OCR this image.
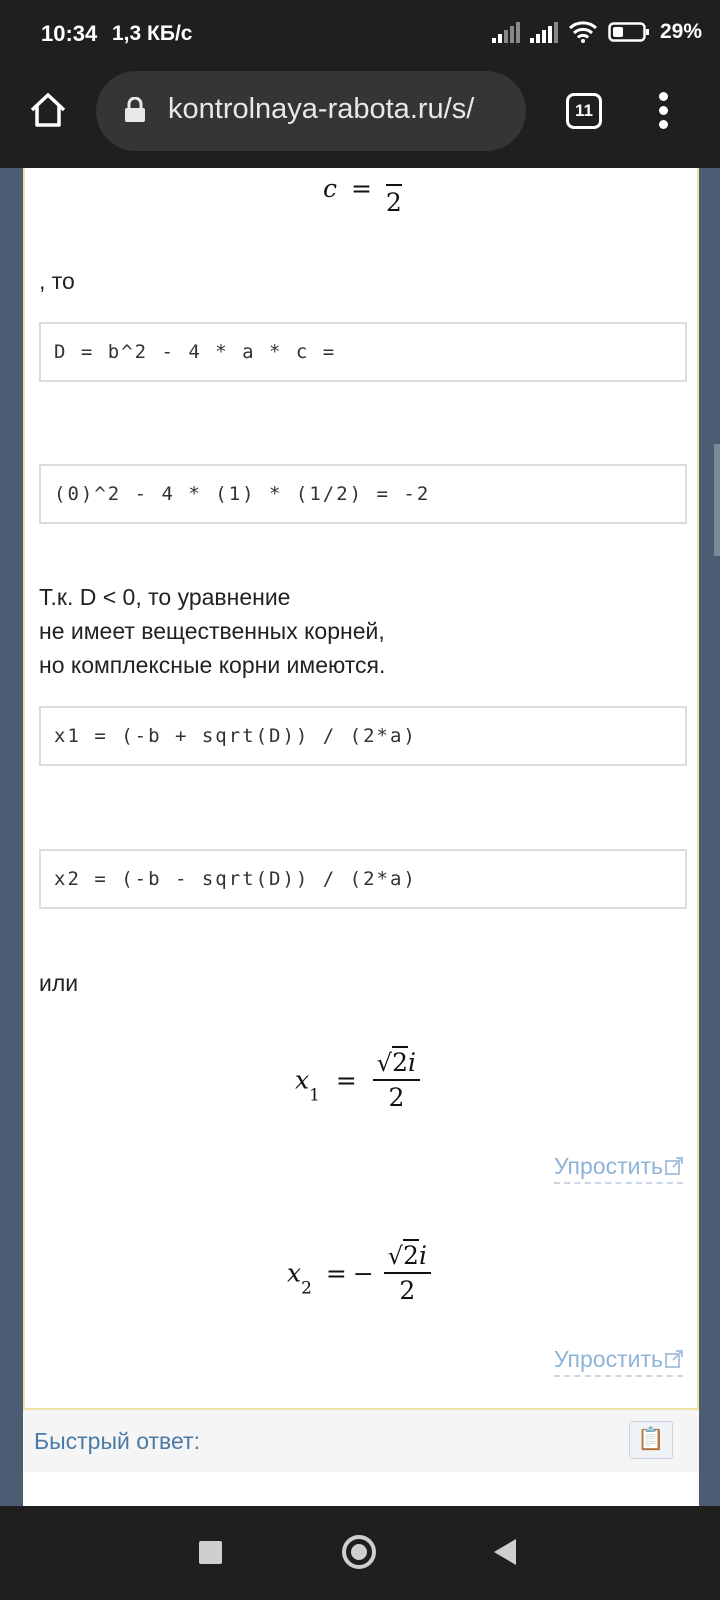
10:34 1,3 КБ/с	29%
kontrolnaya-rabota.ru/s/	11
c = 2
, то
D = b^2 - 4 * a * c =
(0)^2 - 4 * (1) * (1/2) = -2
Т.к. D < 0, то уравнение
не имеет вещественных корней,
но комплексные корни имеются.
x1 = (-b + sqrt(D)) / (2*a)
x2 = (-b - sqrt(D)) / (2*a)
или
$x_1 = \frac{√2i}{2}$
Упростить
$x_2$ = − $\frac{√2i}{2}$
Упростить
Быстрый ответ:	📋
